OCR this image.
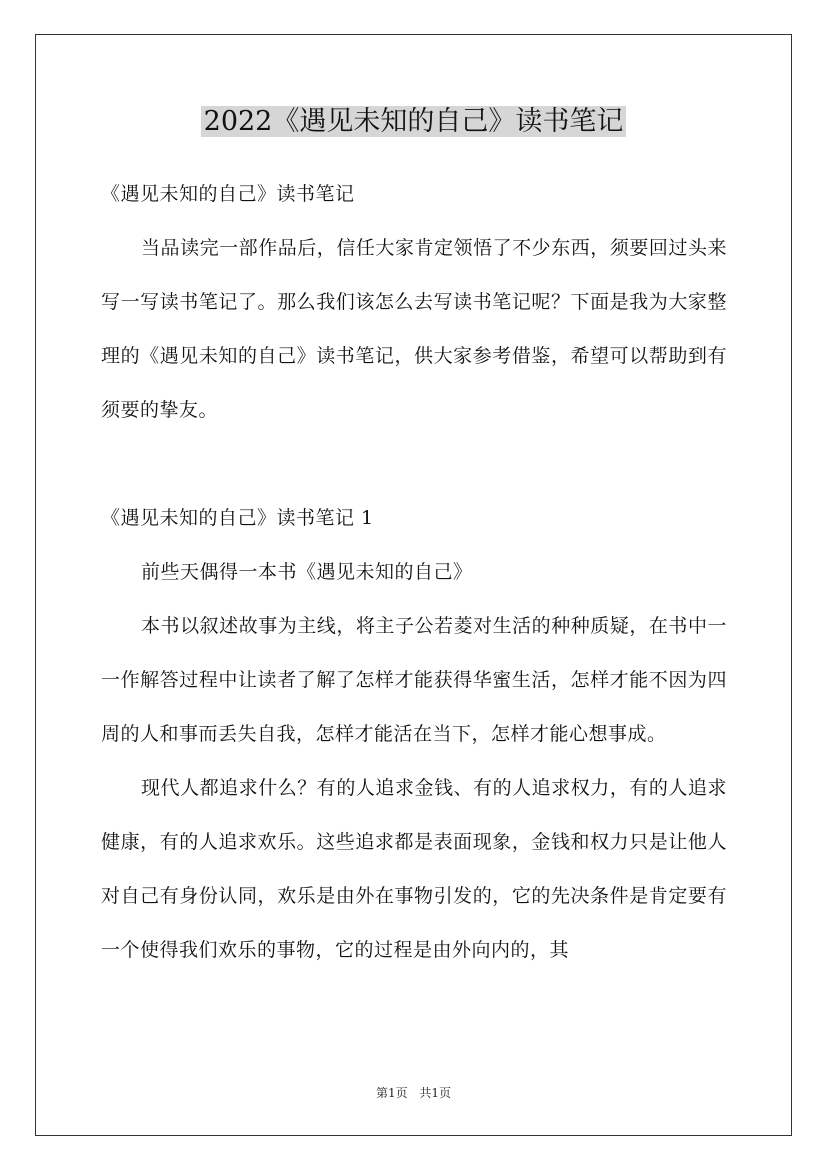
2022《遇见未知的自己》读书笔记

《遇见未知的自己》读书笔记

当品读完一部作品后，信任大家肯定领悟了不少东西，须要回过头来写一写读书笔记了。那么我们该怎么去写读书笔记呢？下面是我为大家整理的《遇见未知的自己》读书笔记，供大家参考借鉴，希望可以帮助到有须要的挚友。

《遇见未知的自己》读书笔记 1

前些天偶得一本书《遇见未知的自己》

本书以叙述故事为主线，将主子公若菱对生活的种种质疑，在书中一一作解答过程中让读者了解了怎样才能获得华蜜生活，怎样才能不因为四周的人和事而丢失自我，怎样才能活在当下，怎样才能心想事成。

现代人都追求什么？有的人追求金钱、有的人追求权力，有的人追求健康，有的人追求欢乐。这些追求都是表面现象，金钱和权力只是让他人对自己有身份认同，欢乐是由外在事物引发的，它的先决条件是肯定要有一个使得我们欢乐的事物，它的过程是由外向内的，其

第1页 共1页
